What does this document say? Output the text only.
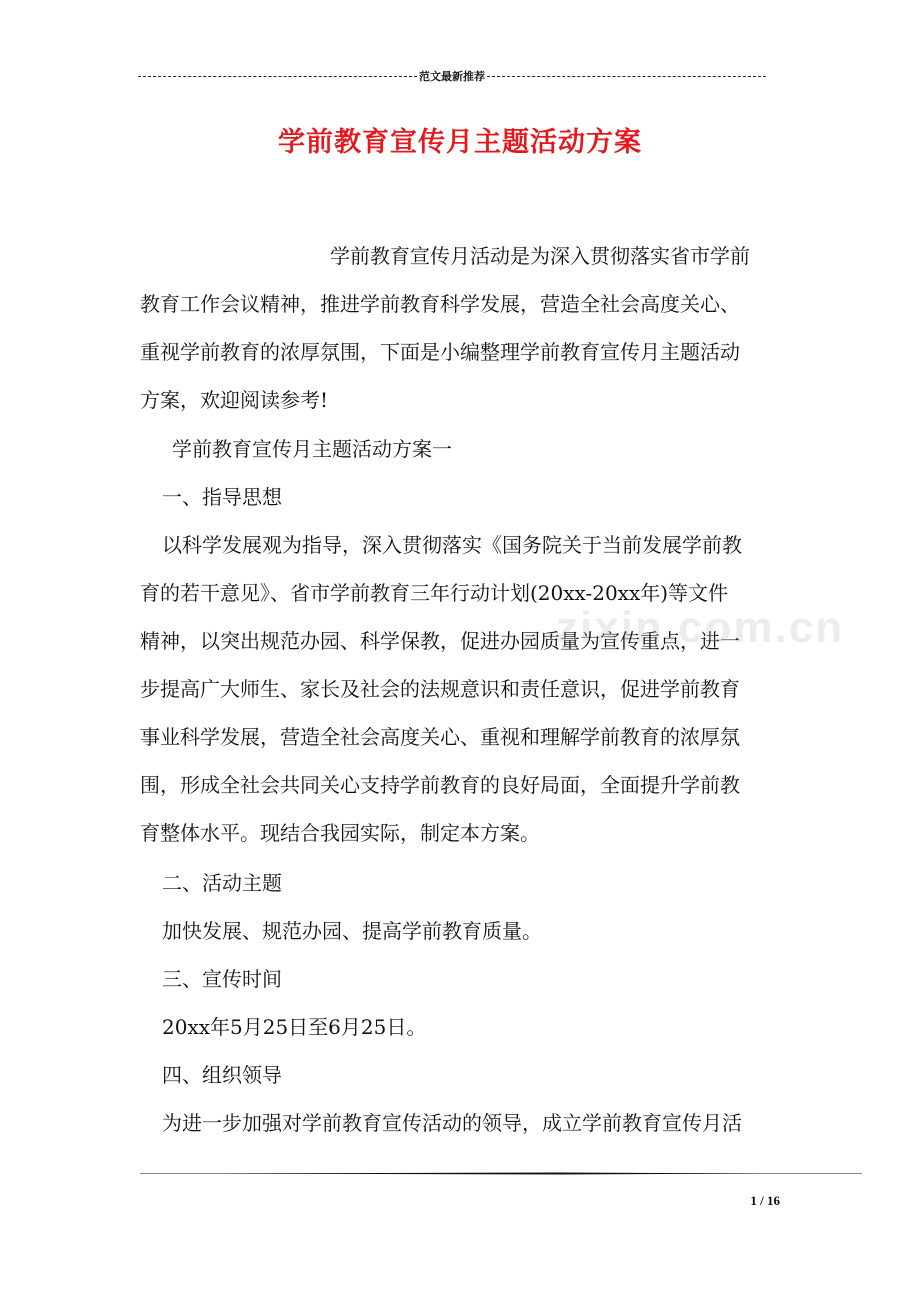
范文最新推荐
学前教育宣传月主题活动方案
学前教育宣传月活动是为深入贯彻落实省市学前
教育工作会议精神，推进学前教育科学发展，营造全社会高度关心、
重视学前教育的浓厚氛围，下面是小编整理学前教育宣传月主题活动
方案，欢迎阅读参考!
学前教育宣传月主题活动方案一
一、指导思想
以科学发展观为指导，深入贯彻落实《国务院关于当前发展学前教
育的若干意见》、省市学前教育三年行动计划(20xx-20xx年)等文件
精神，以突出规范办园、科学保教，促进办园质量为宣传重点，进一
步提高广大师生、家长及社会的法规意识和责任意识，促进学前教育
事业科学发展，营造全社会高度关心、重视和理解学前教育的浓厚氛
围，形成全社会共同关心支持学前教育的良好局面，全面提升学前教
育整体水平。现结合我园实际，制定本方案。
二、活动主题
加快发展、规范办园、提高学前教育质量。
三、宣传时间
20xx年5月25日至6月25日。
四、组织领导
为进一步加强对学前教育宣传活动的领导，成立学前教育宣传月活
zixin.com.cn
1 / 16
